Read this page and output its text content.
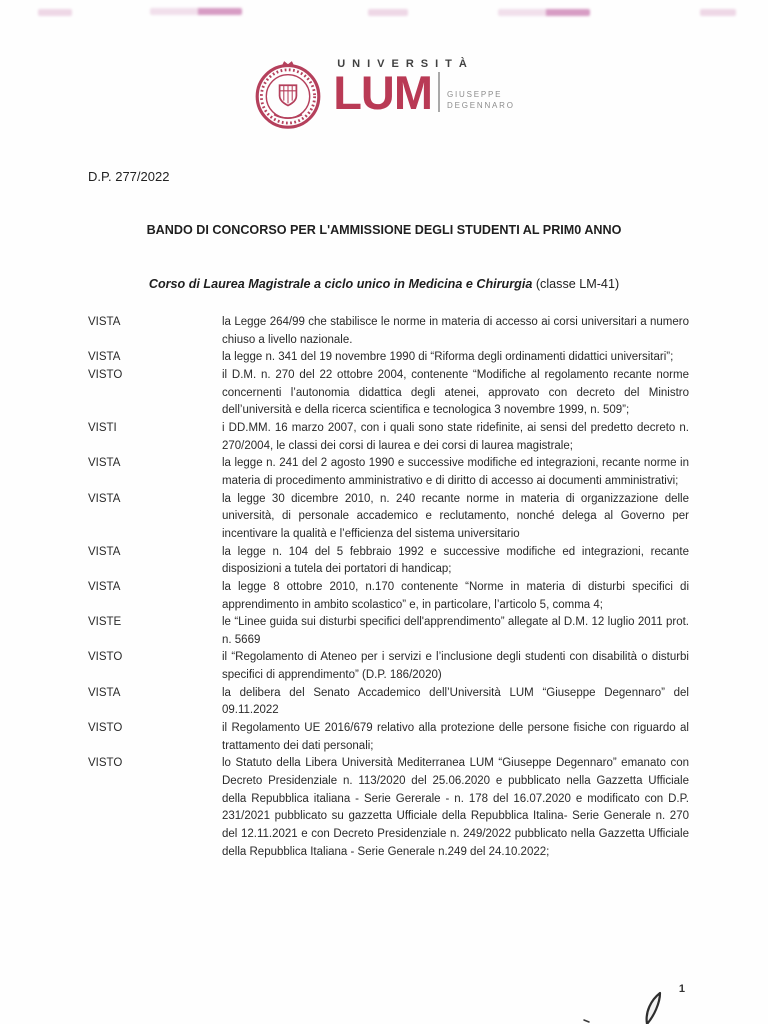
UNIVERSITÀ
LUM GIUSEPPE
DEGENNARO
D.P. 277/2022
BANDO DI CONCORSO PER L'AMMISSIONE DEGLI STUDENTI AL PRIM0 ANNO
Corso di Laurea Magistrale a ciclo unico in Medicina e Chirurgia (classe LM-41)
VISTA	la Legge 264/99 che stabilisce le norme in materia di accesso ai corsi universitari a numero chiuso a livello nazionale.
VISTA	la legge n. 341 del 19 novembre 1990 di “Riforma degli ordinamenti didattici universitari”;
VISTO	il D.M. n. 270 del 22 ottobre 2004, contenente “Modifiche al regolamento recante norme concernenti l’autonomia didattica degli atenei, approvato con decreto del Ministro dell’università e della ricerca scientifica e tecnologica 3 novembre 1999, n. 509”;
VISTI	i DD.MM. 16 marzo 2007, con i quali sono state ridefinite, ai sensi del predetto decreto n. 270/2004, le classi dei corsi di laurea e dei corsi di laurea magistrale;
VISTA	la legge n. 241 del 2 agosto 1990 e successive modifiche ed integrazioni, recante norme in materia di procedimento amministrativo e di diritto di accesso ai documenti amministrativi;
VISTA	la legge 30 dicembre 2010, n. 240 recante norme in materia di organizzazione delle università, di personale accademico e reclutamento, nonché delega al Governo per incentivare la qualità e l’efficienza del sistema universitario
VISTA	la legge n. 104 del 5 febbraio 1992 e successive modifiche ed integrazioni, recante disposizioni a tutela dei portatori di handicap;
VISTA	la legge 8 ottobre 2010, n.170 contenente “Norme in materia di disturbi specifici di apprendimento in ambito scolastico” e, in particolare, l’articolo 5, comma 4;
VISTE	le “Linee guida sui disturbi specifici dell'apprendimento” allegate al D.M. 12 luglio 2011 prot. n. 5669
VISTO	il “Regolamento di Ateneo per i servizi e l’inclusione degli studenti con disabilità o disturbi specifici di apprendimento” (D.P. 186/2020)
VISTA	la delibera del Senato Accademico dell’Università LUM “Giuseppe Degennaro” del 09.11.2022
VISTO	il Regolamento UE 2016/679 relativo alla protezione delle persone fisiche con riguardo al trattamento dei dati personali;
VISTO	lo Statuto della Libera Università Mediterranea LUM “Giuseppe Degennaro” emanato con Decreto Presidenziale n. 113/2020 del 25.06.2020 e pubblicato nella Gazzetta Ufficiale della Repubblica italiana - Serie Gererale - n. 178 del 16.07.2020 e modificato con D.P. 231/2021 pubblicato su gazzetta Ufficiale della Repubblica Italina- Serie Generale n. 270 del 12.11.2021 e con Decreto Presidenziale n. 249/2022 pubblicato nella Gazzetta Ufficiale della Repubblica Italiana - Serie Generale n.249 del 24.10.2022;
1
